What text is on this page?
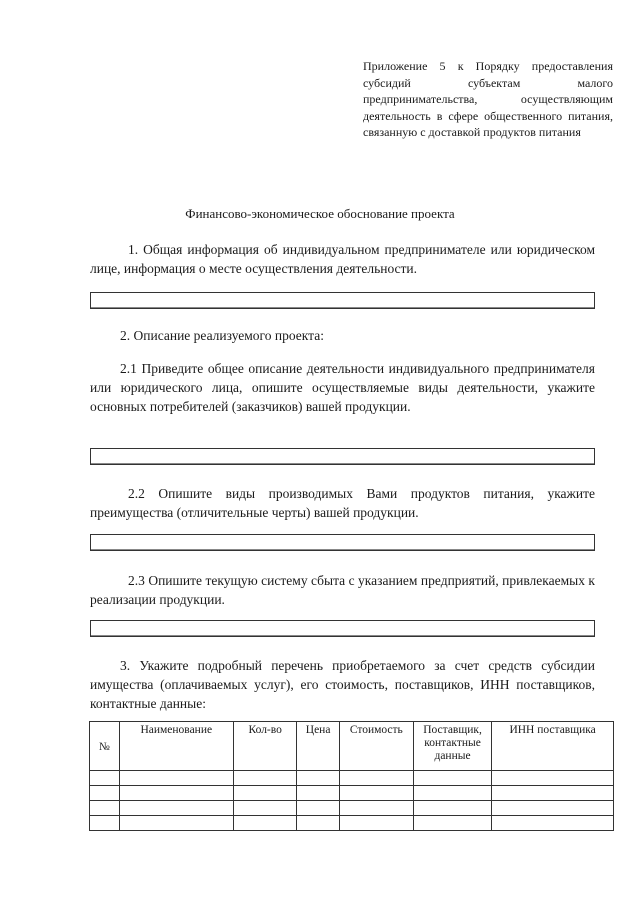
Приложение 5 к Порядку предоставления субсидий субъектам малого предпринимательства, осуществляющим деятельность в сфере общественного питания, связанную с доставкой продуктов питания
Финансово-экономическое обоснование проекта
1. Общая информация об индивидуальном предпринимателе или юридическом лице, информация о месте осуществления деятельности.
2. Описание реализуемого проекта:
2.1 Приведите общее описание деятельности индивидуального предпринимателя или юридического лица, опишите осуществляемые виды деятельности, укажите основных потребителей (заказчиков) вашей продукции.
2.2 Опишите виды производимых Вами продуктов питания, укажите преимущества (отличительные черты) вашей продукции.
2.3 Опишите текущую систему сбыта с указанием предприятий, привлекаемых к реализации продукции.
3. Укажите подробный перечень приобретаемого за счет средств субсидии имущества (оплачиваемых услуг), его стоимость, поставщиков, ИНН поставщиков, контактные данные:
№	Наименование	Кол-во	Цена	Стоимость	Поставщик, контактные данные	ИНН поставщика
